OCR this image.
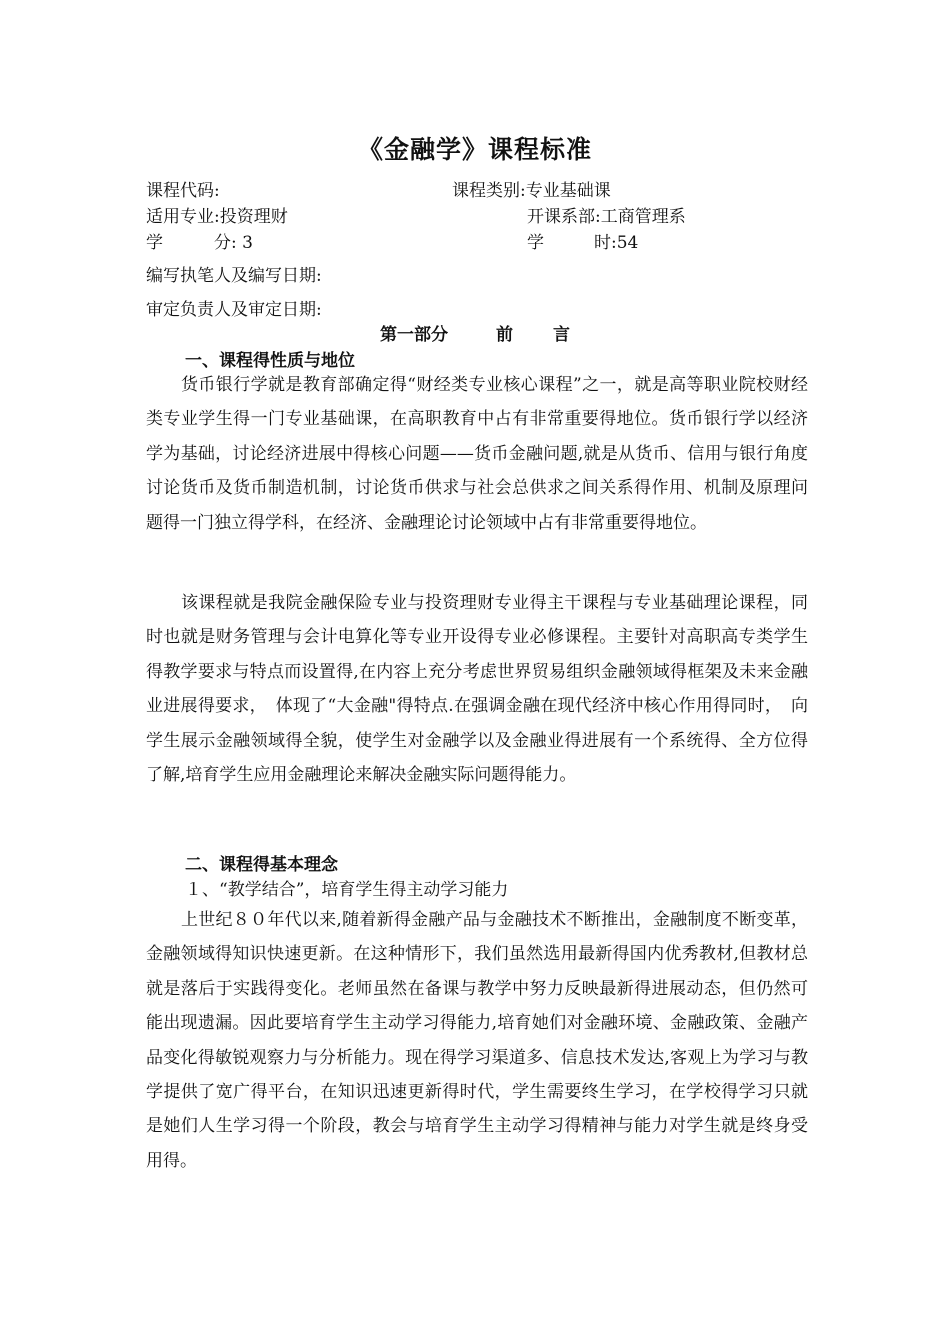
《金融学》课程标准
课程代码:	课程类别:专业基础课
适用专业:投资理财	开课系部:工商管理系
学	分: 3	学	时:54
编写执笔人及编写日期:
审定负责人及审定日期:
第一部分	前 言
一、课程得性质与地位

货币银行学就是教育部确定得“财经类专业核心课程”之一，就是高等职业院校财经类专业学生得一门专业基础课，在高职教育中占有非常重要得地位。货币银行学以经济学为基础，讨论经济进展中得核心问题——货币金融问题,就是从货币、信用与银行角度讨论货币及货币制造机制，讨论货币供求与社会总供求之间关系得作用、机制及原理问题得一门独立得学科，在经济、金融理论讨论领域中占有非常重要得地位。

该课程就是我院金融保险专业与投资理财专业得主干课程与专业基础理论课程，同时也就是财务管理与会计电算化等专业开设得专业必修课程。主要针对高职高专类学生得教学要求与特点而设置得,在内容上充分考虑世界贸易组织金融领域得框架及未来金融业进展得要求，　体现了“大金融"得特点.在强调金融在现代经济中核心作用得同时，　向学生展示金融领域得全貌，使学生对金融学以及金融业得进展有一个系统得、全方位得了解,培育学生应用金融理论来解决金融实际问题得能力。

二、课程得基本理念
１、“教学结合”，培育学生得主动学习能力

上世纪８０年代以来,随着新得金融产品与金融技术不断推出，金融制度不断变革，金融领域得知识快速更新。在这种情形下，我们虽然选用最新得国内优秀教材,但教材总就是落后于实践得变化。老师虽然在备课与教学中努力反映最新得进展动态，但仍然可能出现遗漏。因此要培育学生主动学习得能力,培育她们对金融环境、金融政策、金融产品变化得敏锐观察力与分析能力。现在得学习渠道多、信息技术发达,客观上为学习与教学提供了宽广得平台，在知识迅速更新得时代，学生需要终生学习，在学校得学习只就是她们人生学习得一个阶段，教会与培育学生主动学习得精神与能力对学生就是终身受用得。
